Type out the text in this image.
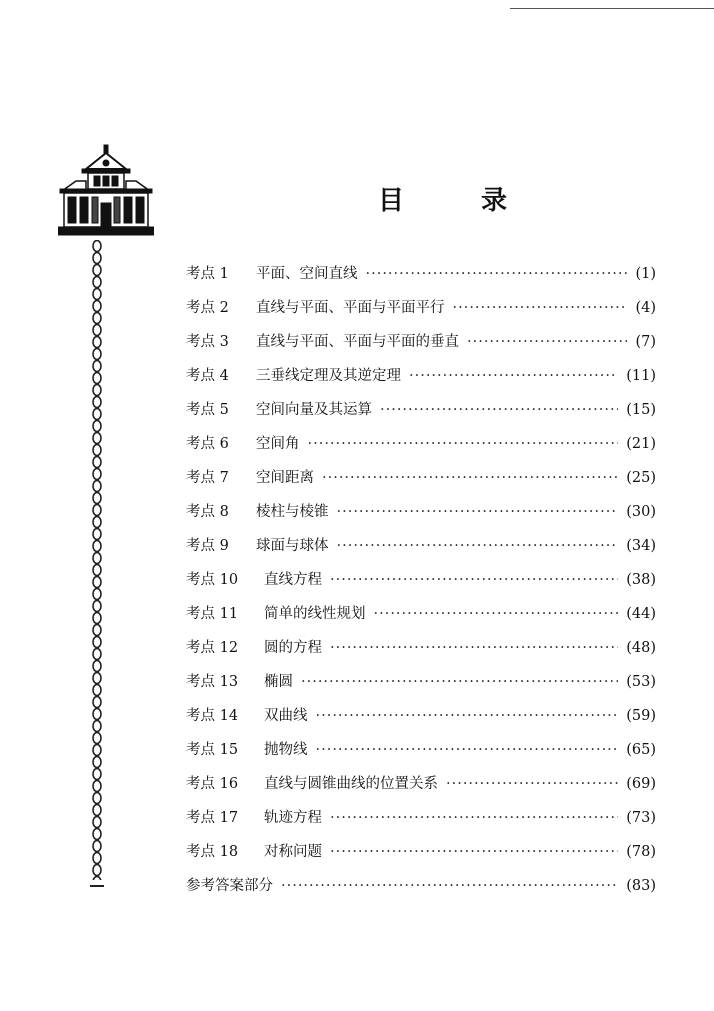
目 录
考点 1	平面、空间直线 ·····	(1)
考点 2	直线与平面、平面与平面平行 ·····	(4)
考点 3	直线与平面、平面与平面的垂直 ·····	(7)
考点 4	三垂线定理及其逆定理 ·····	(11)
考点 5	空间向量及其运算 ·····	(15)
考点 6	空间角 ·····	(21)
考点 7	空间距离 ·····	(25)
考点 8	棱柱与棱锥 ·····	(30)
考点 9	球面与球体 ·····	(34)
考点 10	直线方程 ·····	(38)
考点 11	简单的线性规划 ·····	(44)
考点 12	圆的方程 ·····	(48)
考点 13	椭圆 ·····	(53)
考点 14	双曲线 ·····	(59)
考点 15	抛物线 ·····	(65)
考点 16	直线与圆锥曲线的位置关系 ·····	(69)
考点 17	轨迹方程 ·····	(73)
考点 18	对称问题 ·····	(78)
参考答案部分 ·····	(83)
